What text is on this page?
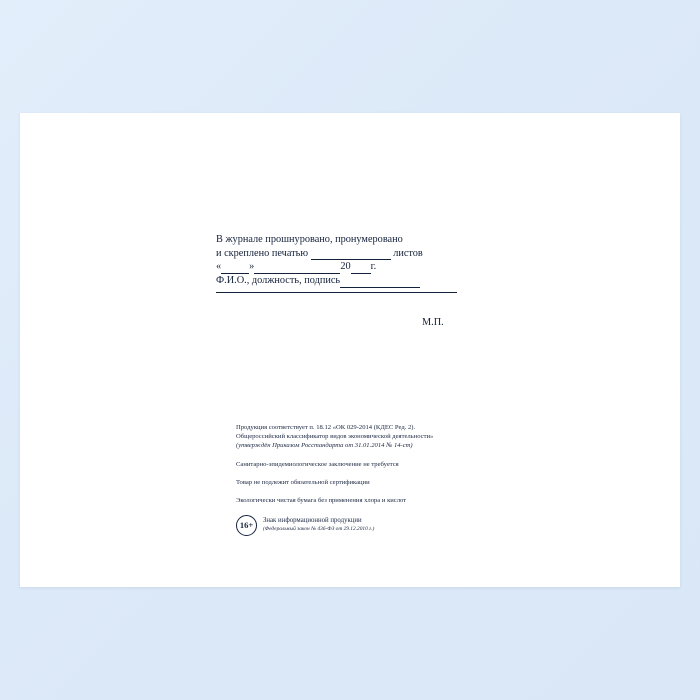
В журнале прошнуровано, пронумеровано
и скреплено печатью	листов
«	»	20 г.
Ф.И.О., должность, подпись
М.П.
Продукция соответствует п. 18.12 «ОК 029-2014 (КДЕС Ред. 2).
Общероссийский классификатор видов экономической деятельности»
(утверждён Приказом Росстандарта от 31.01.2014 № 14-ст)
Санитарно-эпидемиологическое заключение не требуется
Товар не подлежит обязательной сертификации
Экологически чистая бумага без применения хлора и кислот
16+	Знак информационной продукции
(Федеральный закон № 436-ФЗ от 29.12.2010 г.)
